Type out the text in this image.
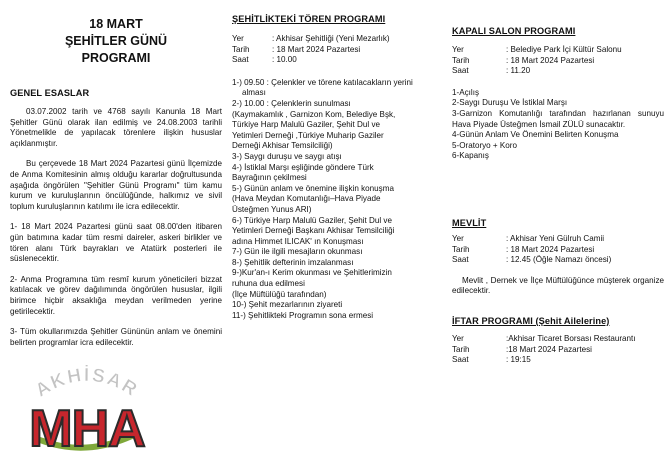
18 MART
ŞEHİTLER GÜNÜ
PROGRAMI
GENEL ESASLAR

03.07.2002 tarih ve 4768 sayılı Kanunla 18 Mart Şehitler Günü olarak ilan edilmiş ve 24.08.2003 tarihli Yönetmelikle de yapılacak törenlere ilişkin hususlar açıklanmıştır.

Bu çerçevede 18 Mart 2024 Pazartesi günü İlçemizde de Anma Komitesinin almış olduğu kararlar doğrultusunda aşağıda öngörülen "Şehitler Günü Programı" tüm kamu kurum ve kuruluşlarının öncülüğünde, halkımız ve sivil toplum kuruluşlarının katılımı ile icra edilecektir.

1- 18 Mart 2024 Pazartesi günü saat 08.00'den itibaren gün batımına kadar tüm resmi daireler, askeri birlikler ve tören alanı Türk bayrakları ve Atatürk posterleri ile süslenecektir.

2- Anma Programına tüm resmî kurum yöneticileri bizzat katılacak ve görev dağılımında öngörülen hususlar, ilgili birimce hiçbir aksaklığa meydan verilmeden yerine getirilecektir.

3- Tüm okullarımızda Şehitler Gününün anlam ve önemini belirten programlar icra edilecektir.

ŞEHİTLİKTEKİ TÖREN PROGRAMI
Yer	: Akhisar Şehitliği (Yeni Mezarlık)
Tarih	: 18 Mart 2024 Pazartesi
Saat	: 10.00
1-) 09.50 : Çelenkler ve törene katılacakların yerini
alması
2-) 10.00 : Çelenklerin sunulması
(Kaymakamlık , Garnizon Kom, Belediye Bşk,
Türkiye Harp Malulü Gaziler, Şehit Dul ve
Yetimleri Derneği ,Türkiye Muharip Gaziler
Derneği Akhisar Temsilciliği)
3-) Saygı duruşu ve saygı atışı
4-) İstiklal Marşı eşliğinde gönderе Türk
Bayrağının çekilmesi
5-) Günün anlam ve önemine ilişkin konuşma
(Hava Meydan Komutanlığı–Hava Piyade
Üsteğmen Yunus ARI)
6-) Türkiye Harp Malulü Gaziler, Şehit Dul ve
Yetimleri Derneği Başkanı Akhisar Temsilciliği
adına Himmet ILICAK' ın Konuşması
7-) Gün ile ilgili mesajların okunması
8-) Şehitlik defterinin imzalanması
9-)Kur'an-ı Kerim okunması ve Şehitlerimizin
ruhuna dua edilmesi
(İlçe Müftülüğü tarafından)
10-) Şehit mezarlarının ziyareti
11-) Şehitlikteki Programın sona ermesi
KAPALI SALON PROGRAMI
Yer	: Belediye Park İçi Kültür Salonu
Tarih	: 18 Mart 2024 Pazartesi
Saat	: 11.20

1-Açılış

2-Saygı Duruşu Ve İstiklal Marşı

3-Garnizon Komutanlığı tarafından hazırlanan sunuyu Hava Piyade Üsteğmen İsmail ZÜLÜ sunacaktır.

4-Günün Anlam Ve Önemini Belirten Konuşma

5-Oratoryo + Koro

6-Kapanış

MEVLİT
Yer	: Akhisar Yeni Gülruh Camii
Tarih	: 18 Mart 2024 Pazartesi
Saat	: 12.45 (Öğle Namazı öncesi)

Mevlit , Dernek ve İlçe Müftülüğünce müşterek organize edilecektir.

İFTAR PROGRAMI (Şehit Ailelerine)
Yer	:Akhisar Ticaret Borsası Restaurantı
Tarih	:18 Mart 2024 Pazartesi
Saat	: 19:15
AKHİSAR
MHA
